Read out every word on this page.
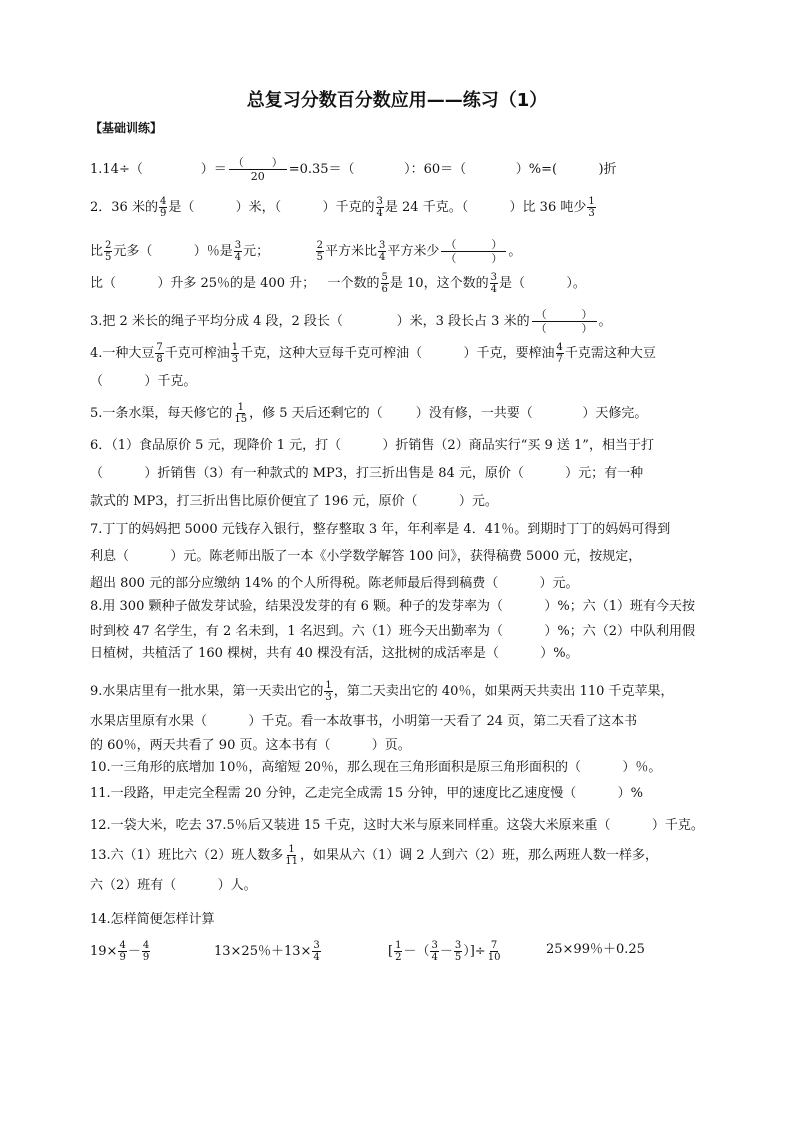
总复习分数百分数应用——练习（1）
【基础训练】
1.14÷（	）＝ （        ）
20	=0.35＝（	）：60＝（	）%=(	)折
2．36 米的 $\frac{4}{9}$ 是（	）米，（	）千克的 $\frac{3}{4}$ 是 24 千克。（	）比 36 吨少 $\frac{1}{3}$
比 $\frac{2}{5}$ 元多（	）％是 $\frac{3}{4}$ 元；	$\frac{2}{5}$ 平方米比 $\frac{3}{4}$ 平方米少 （          ）
（          ） 。
比（	）升多 25％的是 400 升； 一个数的 $\frac{5}{6}$ 是 10，这个数的 $\frac{3}{4}$ 是（	）。
3.把 2 米长的绳子平均分成 4 段，2 段长（	）米，3 段长占 3 米的 （          ）
（          ） 。
4.一种大豆 $\frac{7}{8}$ 千克可榨油 $\frac{1}{3}$ 千克，这种大豆每千克可榨油（	）千克，要榨油 $\frac{4}{7}$ 千克需这种大豆
（	）千克。
5.一条水渠，每天修它的 $\frac{1}{15}$ ，修 5 天后还剩它的（	）没有修，一共要（	）天修完。
6．（1）食品原价 5 元，现降价 1 元，打（          ）折销售（2）商品实行“买 9 送 1”，相当于打
（          ）折销售（3）有一种款式的 MP3，打三折出售是 84 元，原价（          ）元；有一种
款式的 MP3，打三折出售比原价便宜了 196 元，原价（          ）元。
7.丁丁的妈妈把 5000 元钱存入银行，整存整取 3 年，年利率是 4．41％。到期时丁丁的妈妈可得到
利息（          ）元。陈老师出版了一本《小学数学解答 100 问》，获得稿费 5000 元，按规定，
超出 800 元的部分应缴纳 14% 的个人所得税。陈老师最后得到稿费（          ）元。
8.用 300 颗种子做发芽试验，结果没发芽的有 6 颗。种子的发芽率为（          ）%；六（1）班有今天按
时到校 47 名学生，有 2 名未到，1 名迟到。六（1）班今天出勤率为（          ）%；六（2）中队利用假
日植树，共植活了 160 棵树，共有 40 棵没有活，这批树的成活率是（          ）%。
9.水果店里有一批水果，第一天卖出它的 $\frac{1}{3}$ ，第二天卖出它的 40％，如果两天共卖出 110 千克苹果，
水果店里原有水果（          ）千克。看一本故事书，小明第一天看了 24 页，第二天看了这本书
的 60％，两天共看了 90 页。这本书有（          ）页。
10.一三角形的底增加 10％，高缩短 20％，那么现在三角形面积是原三角形面积的（          ）％。
11.一段路，甲走完全程需 20 分钟，乙走完全成需 15 分钟，甲的速度比乙速度慢（          ）%
12.一袋大米，吃去 37.5％后又装进 15 千克，这时大米与原来同样重。这袋大米原来重（          ）千克。
13.六（1）班比六（2）班人数多 $\frac{1}{11}$ ，如果从六（1）调 2 人到六（2）班，那么两班人数一样多，
六（2）班有（          ）人。
14.怎样简便怎样计算
$19\times \frac{4}{9} - \frac{4}{9}$	13×25％$+13\times \frac{3}{4}$	[ $\frac{1}{2}$ －（ $\frac{3}{4} - \frac{3}{5}$ ）]÷ $\frac{7}{10}$	25×99％＋0.25
